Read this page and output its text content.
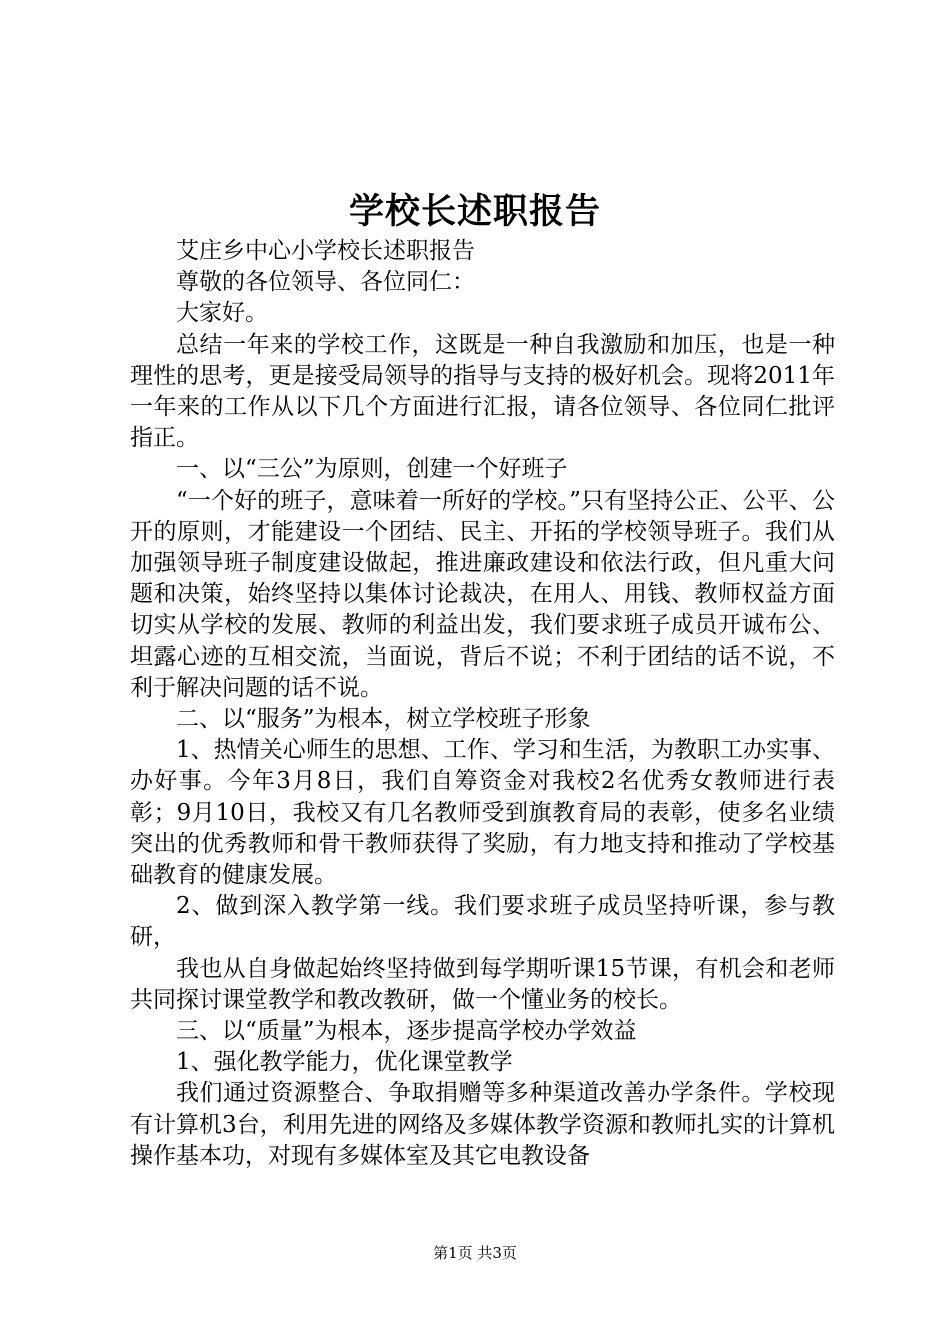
学校长述职报告

艾庄乡中心小学校长述职报告

尊敬的各位领导、各位同仁：

大家好。

总结一年来的学校工作，这既是一种自我激励和加压，也是一种理性的思考，更是接受局领导的指导与支持的极好机会。现将2011年一年来的工作从以下几个方面进行汇报，请各位领导、各位同仁批评指正。

一、以“三公”为原则，创建一个好班子

“一个好的班子，意味着一所好的学校。”只有坚持公正、公平、公开的原则，才能建设一个团结、民主、开拓的学校领导班子。我们从加强领导班子制度建设做起，推进廉政建设和依法行政，但凡重大问题和决策，始终坚持以集体讨论裁决，在用人、用钱、教师权益方面切实从学校的发展、教师的利益出发，我们要求班子成员开诚布公、坦露心迹的互相交流，当面说，背后不说；不利于团结的话不说，不利于解决问题的话不说。

二、以“服务”为根本，树立学校班子形象

1、热情关心师生的思想、工作、学习和生活，为教职工办实事、办好事。今年3月8日，我们自筹资金对我校2名优秀女教师进行表彰；9月10日，我校又有几名教师受到旗教育局的表彰，使多名业绩突出的优秀教师和骨干教师获得了奖励，有力地支持和推动了学校基础教育的健康发展。

2、做到深入教学第一线。我们要求班子成员坚持听课，参与教研，

我也从自身做起始终坚持做到每学期听课15节课，有机会和老师共同探讨课堂教学和教改教研，做一个懂业务的校长。

三、以“质量”为根本，逐步提高学校办学效益

1、强化教学能力，优化课堂教学

我们通过资源整合、争取捐赠等多种渠道改善办学条件。学校现有计算机3台，利用先进的网络及多媒体教学资源和教师扎实的计算机操作基本功，对现有多媒体室及其它电教设备

第1页 共3页
